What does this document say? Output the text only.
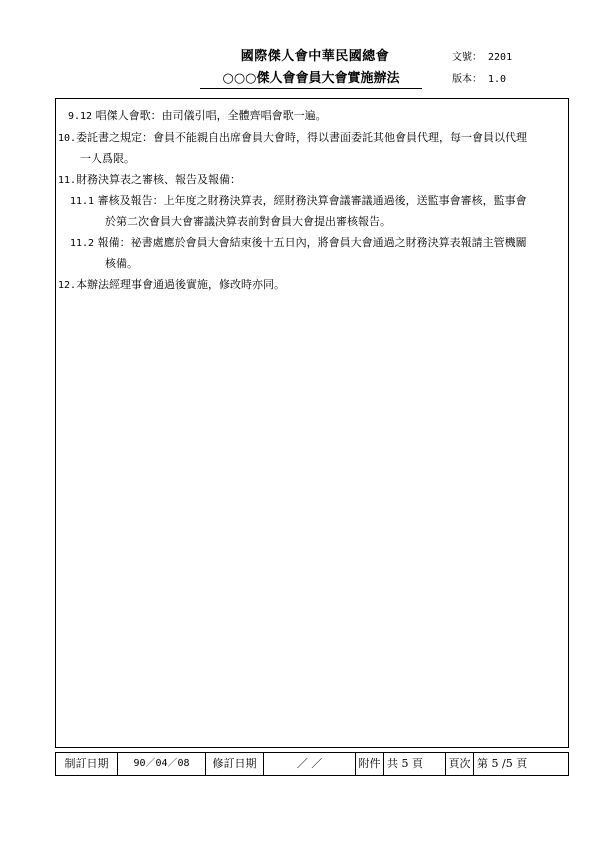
國際傑人會中華民國總會
○○○傑人會會員大會實施辦法
文號： 2201
版本： 1.0
9.12 唱傑人會歌：由司儀引唱，全體齊唱會歌一遍。
10.委託書之規定：會員不能親自出席會員大會時，得以書面委託其他會員代理，每一會員以代理
一人爲限。
11.財務決算表之審核、報告及報備：
11.1 審核及報告：上年度之財務決算表，經財務決算會議審議通過後，送監事會審核，監事會
於第二次會員大會審議決算表前對會員大會提出審核報告。
11.2 報備：祕書處應於會員大會結束後十五日內，將會員大會通過之財務決算表報請主管機關
核備。
12.本辦法經理事會通過後實施，修改時亦同。
制訂日期	90／04／08	修訂日期	／ ／	附件 共 5 頁	頁次 第 5 /5 頁
